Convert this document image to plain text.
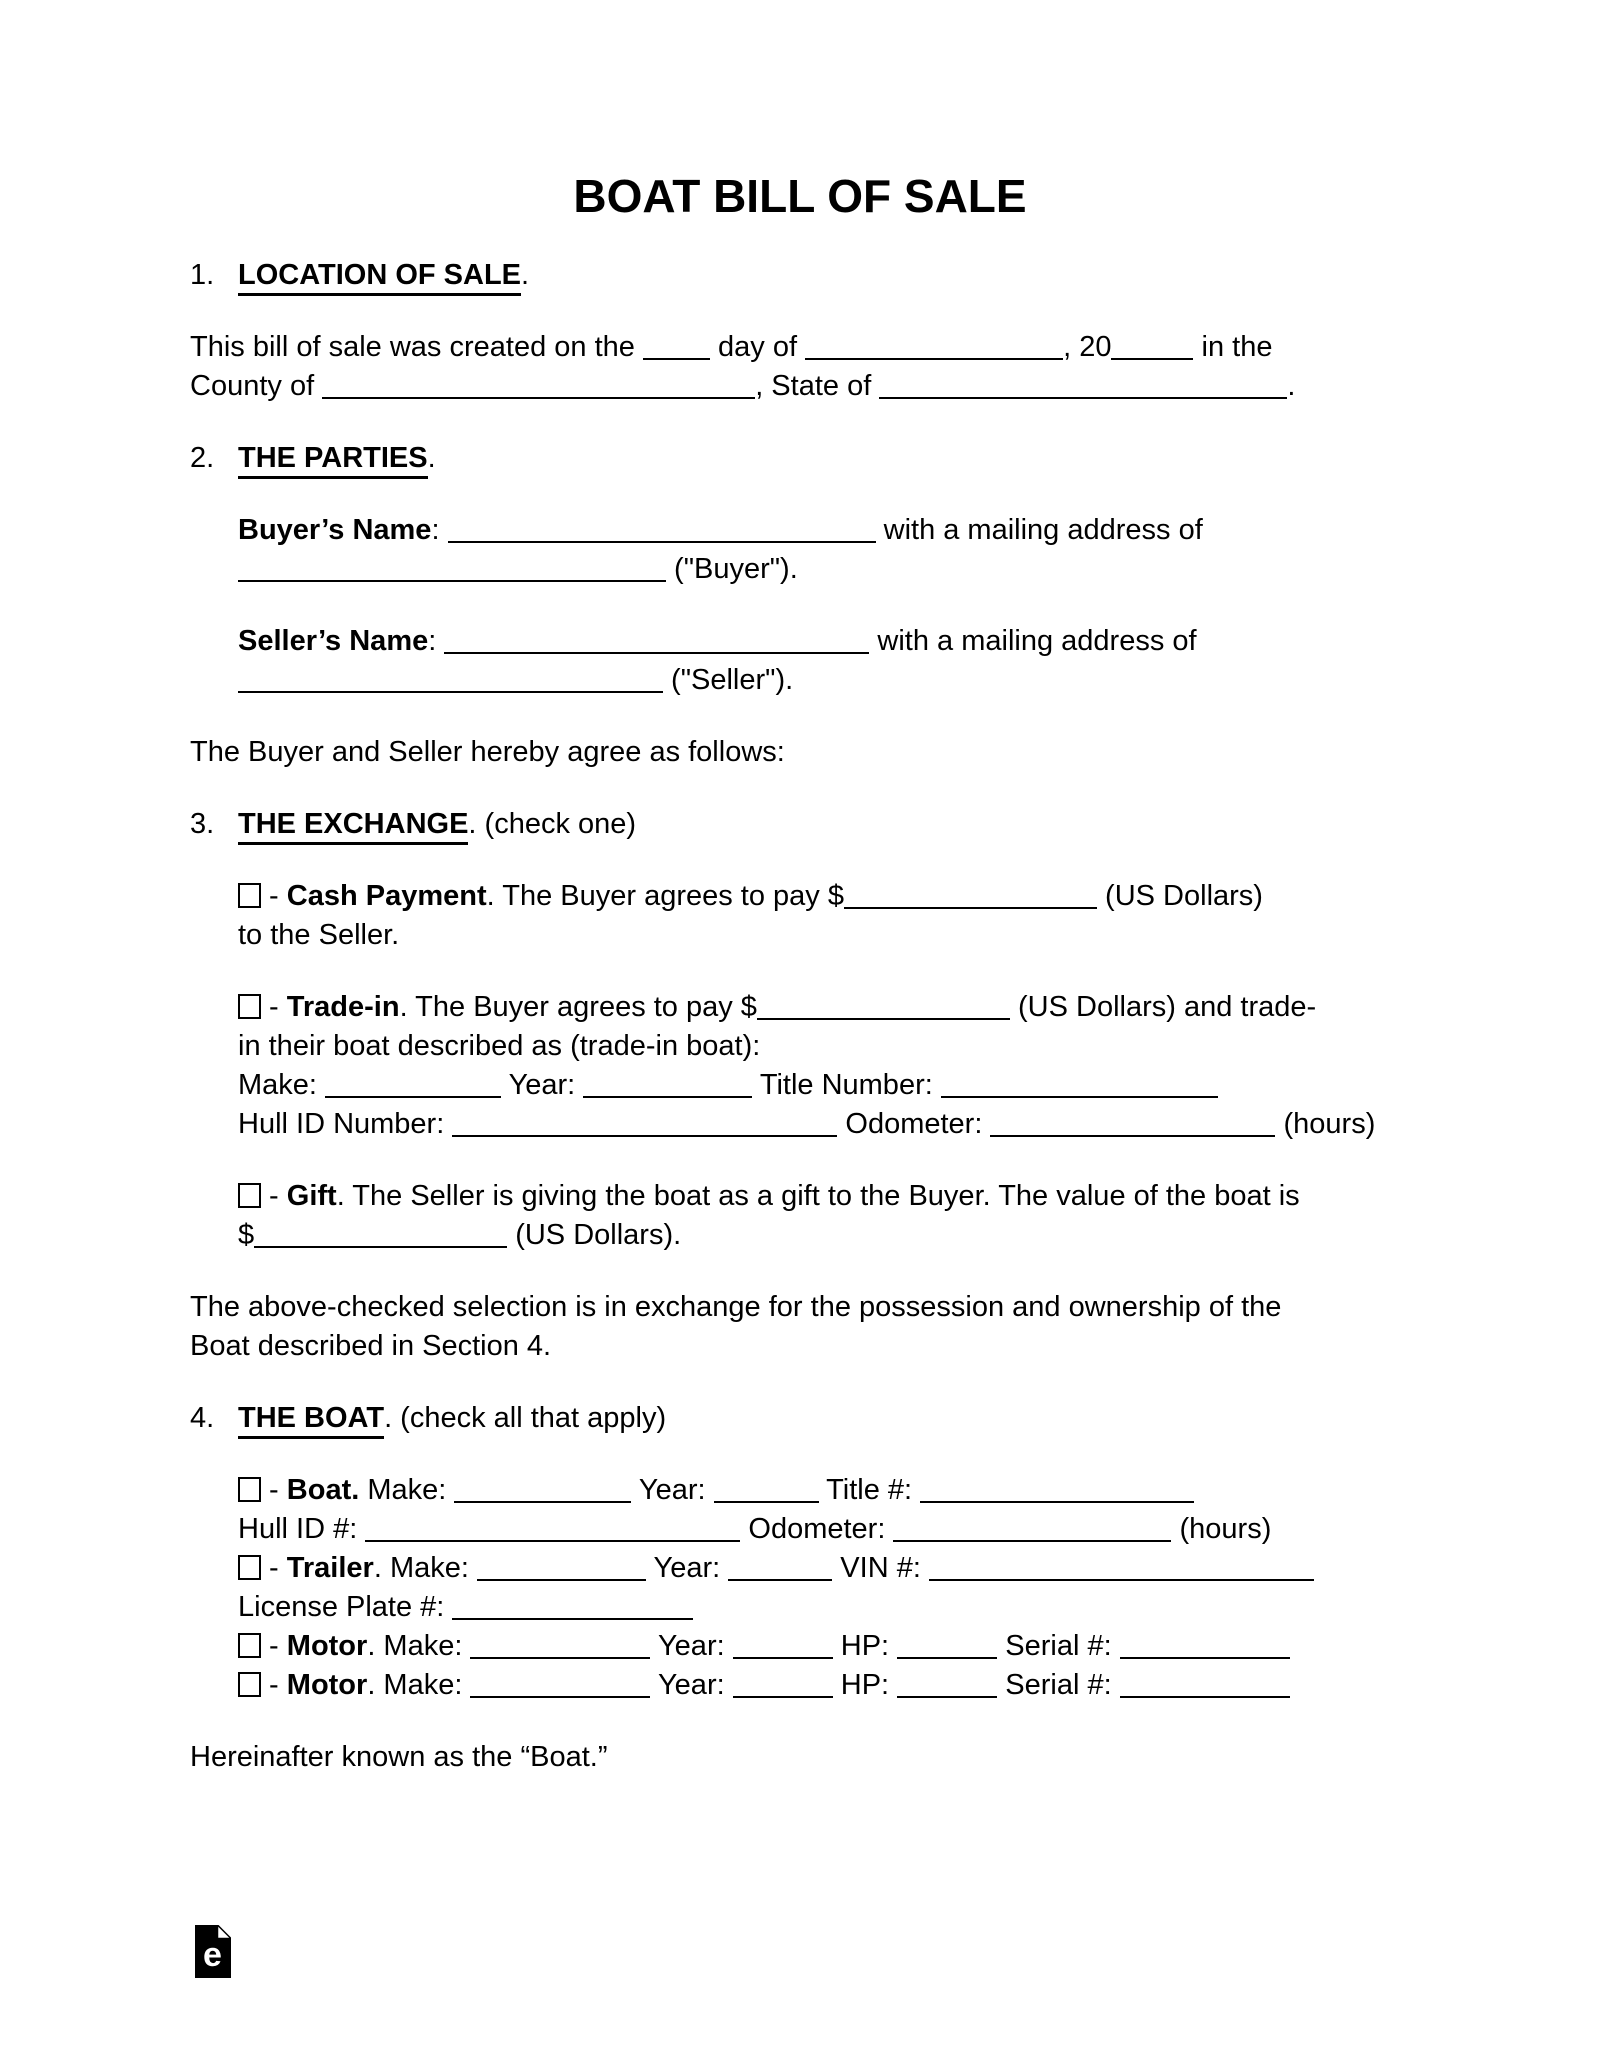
BOAT BILL OF SALE
1. LOCATION OF SALE.
This bill of sale was created on the  day of	, 20	in the
County of	, State of	.
2. THE PARTIES.
Buyer’s Name:	with a mailing address of
("Buyer").
Seller’s Name:	with a mailing address of
("Seller").
The Buyer and Seller hereby agree as follows:
3. THE EXCHANGE. (check one)
- Cash Payment. The Buyer agrees to pay $	(US Dollars)
to the Seller.
- Trade-in. The Buyer agrees to pay $	(US Dollars) and trade-
in their boat described as (trade-in boat):
Make:	Year:	Title Number:
Hull ID Number:	Odometer:	(hours)
- Gift. The Seller is giving the boat as a gift to the Buyer. The value of the boat is
$	(US Dollars).
The above-checked selection is in exchange for the possession and ownership of the
Boat described in Section 4.
4. THE BOAT. (check all that apply)
- Boat. Make:	Year:	Title #:
Hull ID #:	Odometer:	(hours)
- Trailer. Make:	Year:	VIN #:
License Plate #:
- Motor. Make:	Year:	HP:	Serial #:
- Motor. Make:	Year:	HP:	Serial #:
Hereinafter known as the “Boat.”
e
